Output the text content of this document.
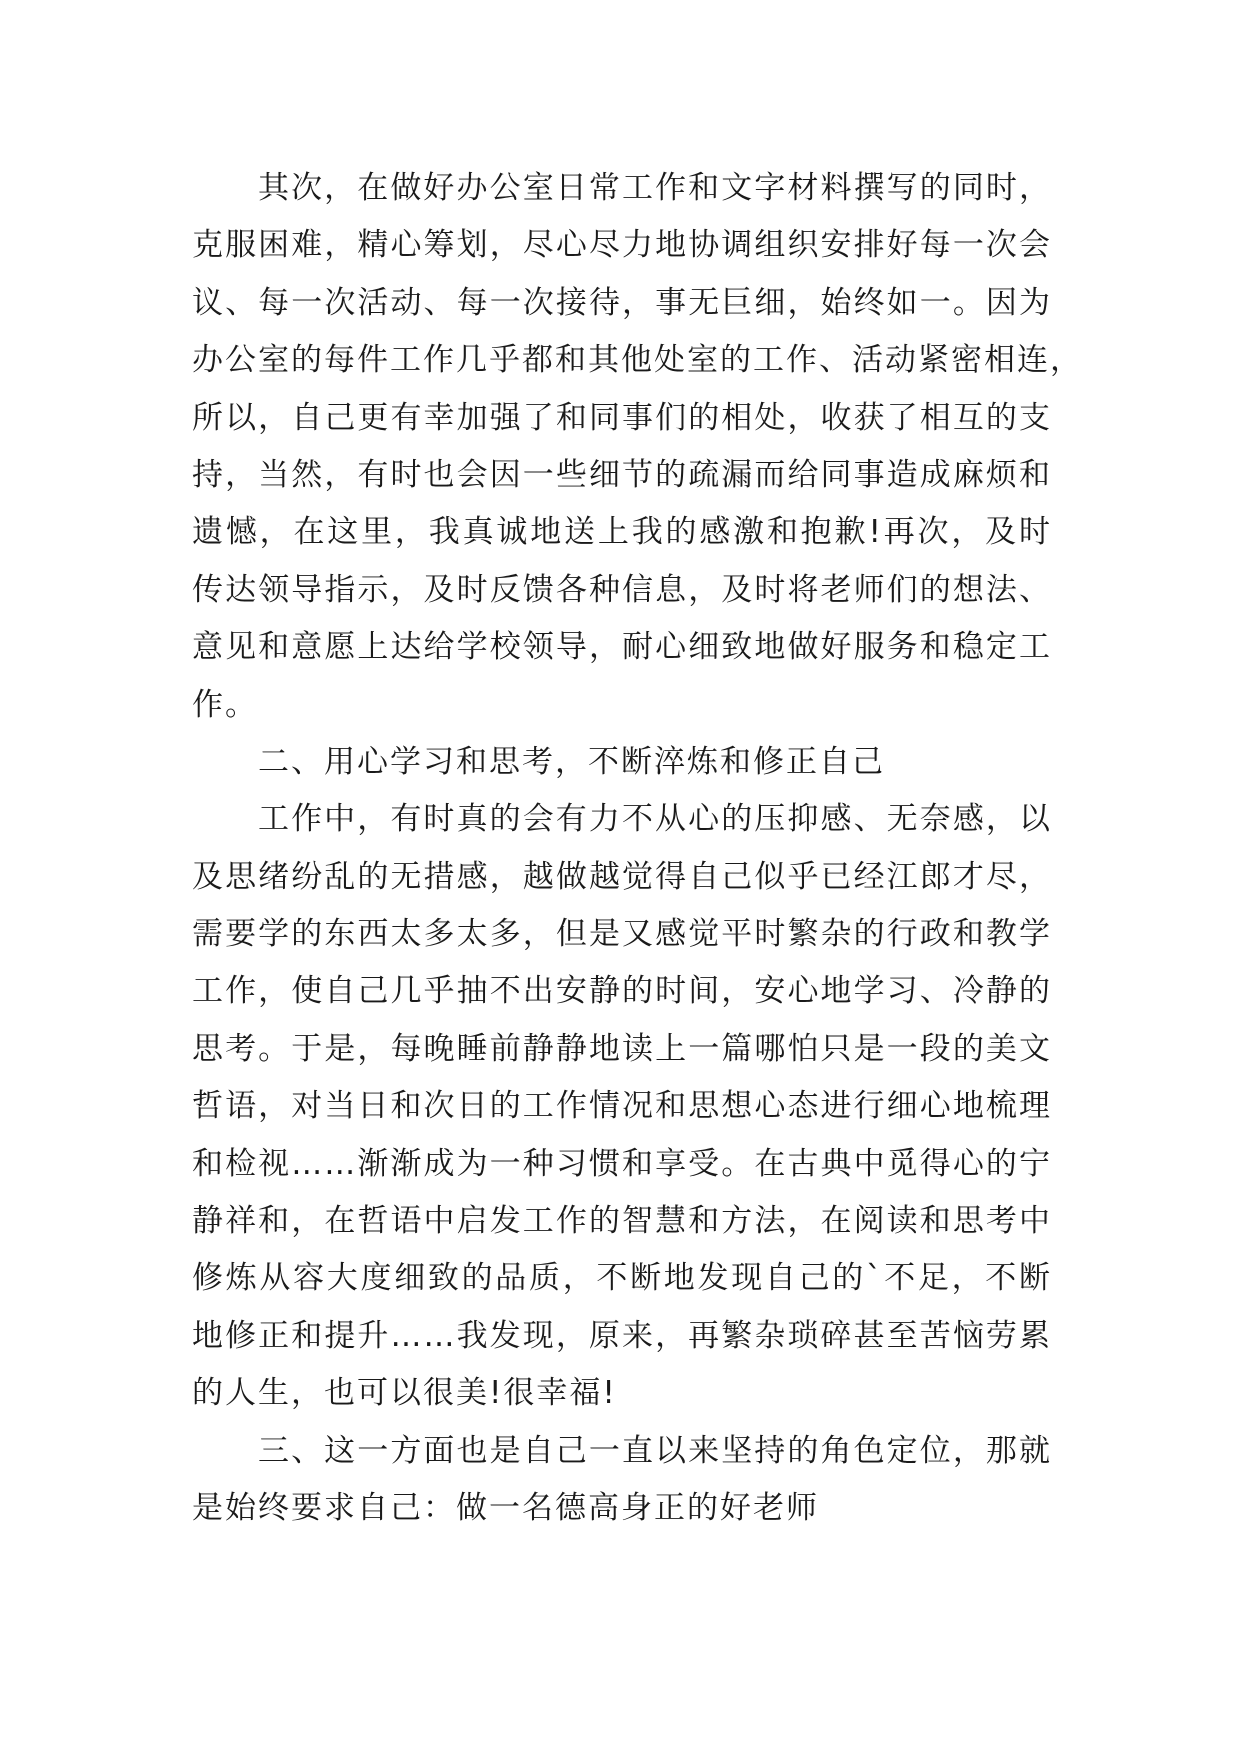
其次，在做好办公室日常工作和文字材料撰写的同时，
克服困难，精心筹划，尽心尽力地协调组织安排好每一次会
议、每一次活动、每一次接待，事无巨细，始终如一。因为
办公室的每件工作几乎都和其他处室的工作、活动紧密相连，
所以，自己更有幸加强了和同事们的相处，收获了相互的支
持，当然，有时也会因一些细节的疏漏而给同事造成麻烦和
遗憾，在这里，我真诚地送上我的感激和抱歉!再次，及时
传达领导指示，及时反馈各种信息，及时将老师们的想法、
意见和意愿上达给学校领导，耐心细致地做好服务和稳定工
作。
二、用心学习和思考，不断淬炼和修正自己
工作中，有时真的会有力不从心的压抑感、无奈感，以
及思绪纷乱的无措感，越做越觉得自己似乎已经江郎才尽，
需要学的东西太多太多，但是又感觉平时繁杂的行政和教学
工作，使自己几乎抽不出安静的时间，安心地学习、冷静的
思考。于是，每晚睡前静静地读上一篇哪怕只是一段的美文
哲语，对当日和次日的工作情况和思想心态进行细心地梳理
和检视……渐渐成为一种习惯和享受。在古典中觅得心的宁
静祥和，在哲语中启发工作的智慧和方法，在阅读和思考中
修炼从容大度细致的品质，不断地发现自己的`不足，不断
地修正和提升……我发现，原来，再繁杂琐碎甚至苦恼劳累
的人生，也可以很美!很幸福!
三、这一方面也是自己一直以来坚持的角色定位，那就
是始终要求自己：做一名德高身正的好老师
